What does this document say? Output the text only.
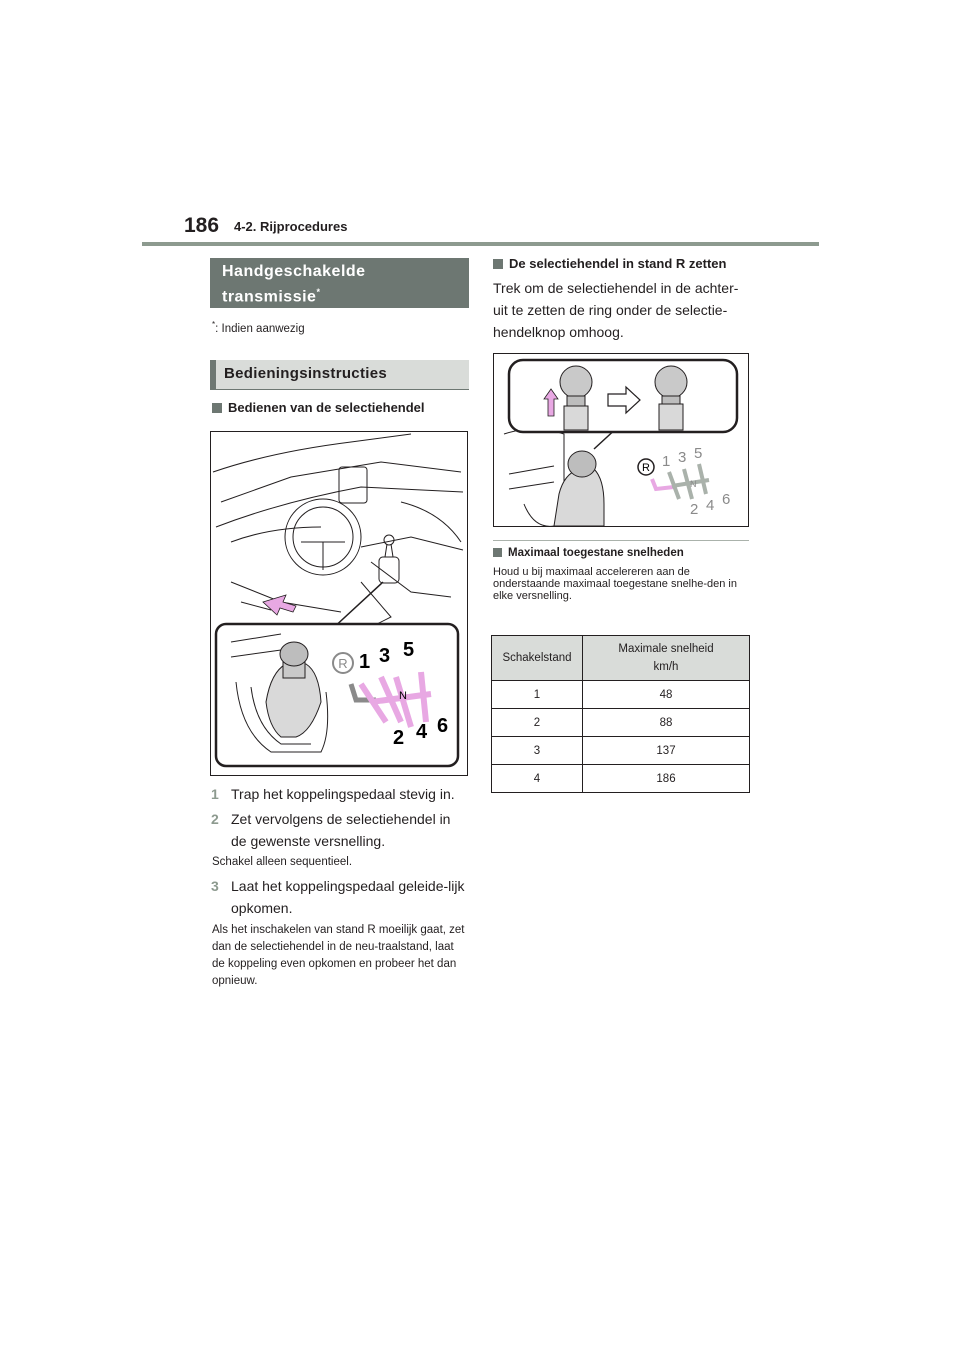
186 4-2. Rijprocedures
Handgeschakelde transmissie*
*: Indien aanwezig
Bedieningsinstructies
Bedienen van de selectiehendel
R
N
1 3 5
2 4 6
1 Trap het koppelingspedaal stevig in.
2 Zet vervolgens de selectiehendel in de gewenste versnelling.
Schakel alleen sequentieel.
3 Laat het koppelingspedaal geleide-lijk opkomen.
Als het inschakelen van stand R moeilijk gaat, zet dan de selectiehendel in de neu-traalstand, laat de koppeling even opkomen en probeer het dan opnieuw.
De selectiehendel in stand R zetten
Trek om de selectiehendel in de achter-uit te zetten de ring onder de selectie-hendelknop omhoog.
R 1 3 5
N
2 4 6
Maximaal toegestane snelheden
Houd u bij maximaal accelereren aan de onderstaande maximaal toegestane snelhe-den in elke versnelling.
Schakelstand	Maximale snelheid
km/h
1	48
2	88
3	137
4	186
